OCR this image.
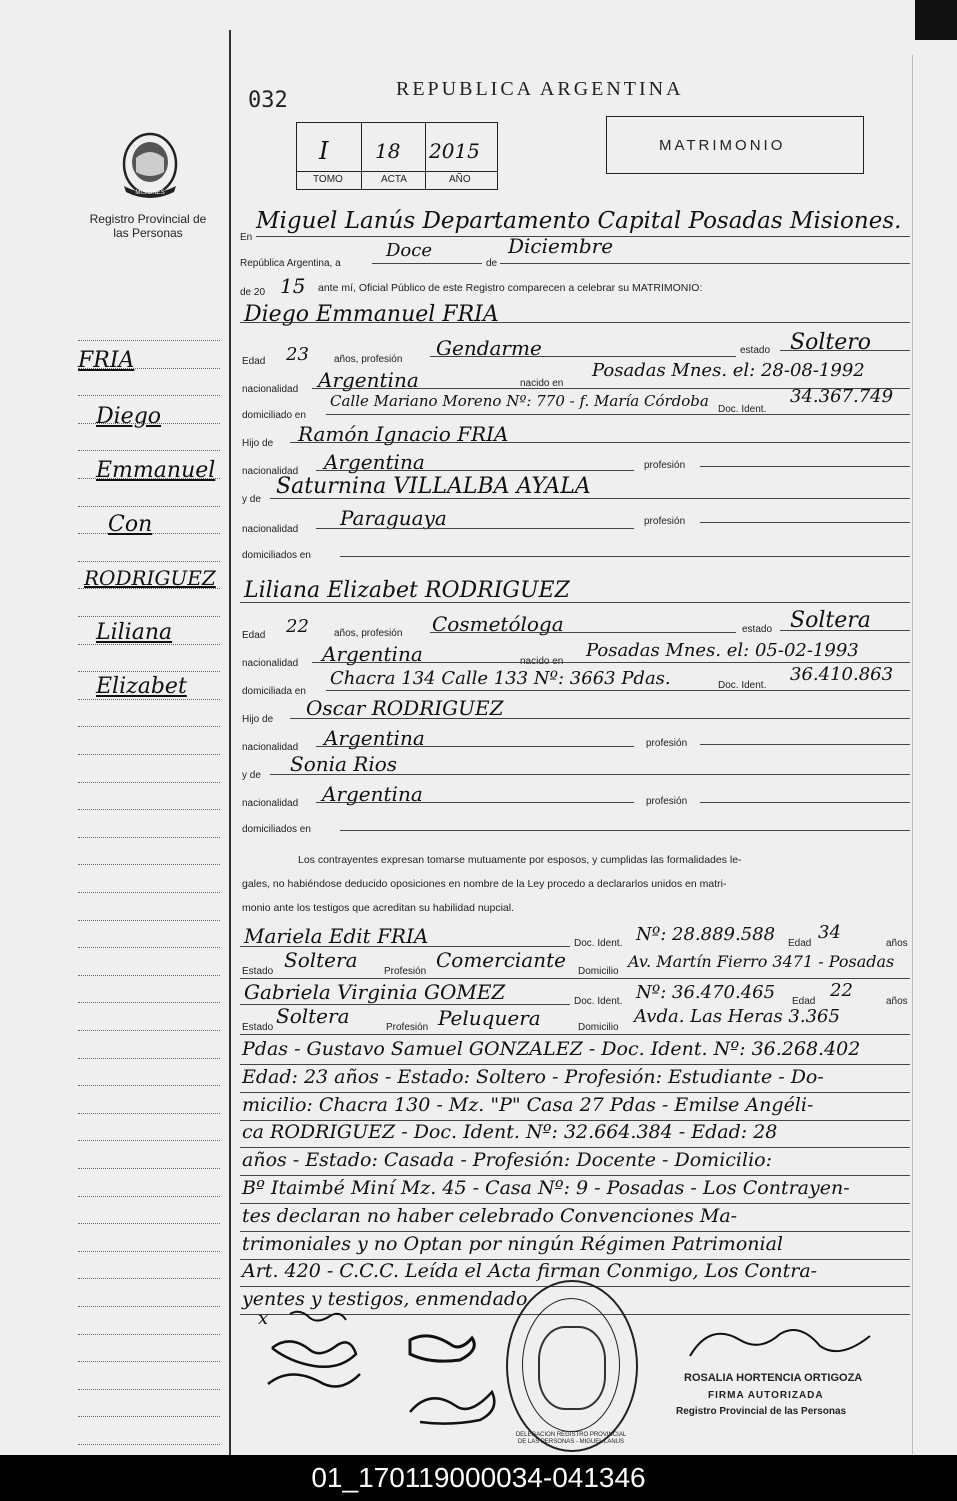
MISIONES
Registro Provincial de las Personas
032	REPUBLICA ARGENTINA
I 18 2015
TOMO	ACTA	AÑO
MATRIMONIO
FRIA
Diego
Emmanuel
Con
RODRIGUEZ
Liliana
Elizabet
En
Miguel Lanús Departamento Capital Posadas Misiones.
República Argentina, a
Doce
de
Diciembre
de 20 15 ante mí, Oficial Público de este Registro comparecen a celebrar su MATRIMONIO:
Diego Emmanuel FRIA
Edad 23	años, profesión Gendarme	estado Soltero
nacionalidad Argentina	nacido en
Posadas Mnes. el: 28-08-1992
domiciliado en
Calle Mariano Moreno Nº: 770 - f. María Córdoba Doc. Ident.
34.367.749
Hijo de Ramón Ignacio FRIA
nacionalidad Argentina	profesión
y de
Saturnina VILLALBA AYALA
nacionalidad Paraguaya	profesión
domiciliados en
Liliana Elizabet RODRIGUEZ
Edad 22	años, profesión Cosmetóloga	estado Soltera
nacionalidad Argentina	nacido en
Posadas Mnes. el: 05-02-1993
domiciliada en
Chacra 134 Calle 133 Nº: 3663 Pdas.	Doc. Ident.
36.410.863
Hijo de Oscar RODRIGUEZ
nacionalidad Argentina	profesión
y de Sonia Rios
nacionalidad Argentina	profesión
domiciliados en
Los contrayentes expresan tomarse mutuamente por esposos, y cumplidas las formalidades le-
gales, no habiéndose deducido oposiciones en nombre de la Ley procedo a declararlos unidos en matri-
monio ante los testigos que acreditan su habilidad nupcial.
Mariela Edit FRIA	Doc. Ident. Nº: 28.889.588 Edad
34
años
Estado Soltera	Profesión Comerciante Domicilio
Av. Martín Fierro 3471 - Posadas
Gabriela Virginia GOMEZ	Doc. Ident. Nº: 36.470.465 Edad
22
años
Estado Soltera	Profesión Peluquera	Domicilio
Avda. Las Heras 3.365
Pdas - Gustavo Samuel GONZALEZ - Doc. Ident. Nº: 36.268.402
Edad: 23 años - Estado: Soltero - Profesión: Estudiante - Do-
micilio: Chacra 130 - Mz. "P" Casa 27 Pdas - Emilse Angéli-
ca RODRIGUEZ - Doc. Ident. Nº: 32.664.384 - Edad: 28
años - Estado: Casada - Profesión: Docente - Domicilio:
Bº Itaimbé Miní Mz. 45 - Casa Nº: 9 - Posadas - Los Contrayen-
tes declaran no haber celebrado Convenciones Ma-
trimoniales y no Optan por ningún Régimen Patrimonial
Art. 420 - C.C.C. Leída el Acta firman Conmigo, Los Contra-
yentes y testigos, enmendado
x
DELEGACION REGISTRO PROVINCIAL DE LAS PERSONAS - MIGUEL LANUS
ROSALIA HORTENCIA ORTIGOZA
FIRMA AUTORIZADA
Registro Provincial de las Personas
01_170119000034-041346
